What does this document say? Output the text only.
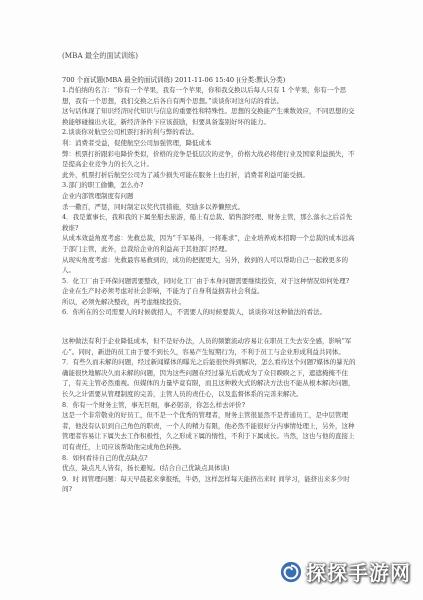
(MBA 最全的面试训练)
700 个面试题(MBA 最全的面试训练) 2011-11-06 15:40 |(分类:默认分类)

1.肖伯纳的名言：“你有一个苹果，我有一个苹果，你和我交换以后每人只有 1 个苹果，你有一个思想，我有一个思想，我们交换之后各自有两个思想。”谈谈你对这句话的看法。

这句话体现了知识经济时代知识与信息的重要性和特殊性。思想的交换能产生乘数效应，不同思想的交换能够碰撞出火花，新经济条件下应该鼓励，但要具备鉴别好坏的能力。

2.谈谈你对航空公司机票打折的利与弊的看法。

利：消费者受益，促使航空公司加强管理，降低成本

弊：机票打折跟彩电降价类似，价格的竞争是低层次的竞争，价格大战必将使行业及国家利益损失，不是提高企业竞争力的长久之计。

此外，机票打折后航空公司为了减少损失可能在服务上也打折，消费者利益可能受损。

3.部门的职工偷懒，怎么办?

企业内部管理制度有问题

杀一儆百，严惩，同时制定以奖代罚措施，奖励多以养懒照式。

4．我是董事长，我和我的下属坐船去旅游，船上有总裁、销售部经理、财务主管，那么落水之后首先救谁?

从成本效益角度考虑：先救总裁，因为“千军易得，一将难求”，企业培养成本招聘一个总裁的成本远高于部门主管，此外，总裁给企业的利益高于其他部门经理。

从现实角度考虑：先救最容易救到的，成功的把握更大，另外，救到的人可以帮助自己一起救更多的人。

5．化工厂由于环保问题需要整改，同时化工厂由于本身问题需要继续投资，对于这种情况如何处理?

企业在生产时必须考虑对社会影响，不能为了自身利益损害社会利益。

所以，必须先解决整改，再考虑继续投资。

6．你所在的公司需要人的时候就招人，不需要人的时候要裁人，谈谈你对这种做法的看法。

这种做法有利于企业降低成本，但不是好办法，人员的频繁流动容易让在职员工失去安全感，影响“军心”。同时，新进的员工由于要不到长久，容易产生短期行为，不利于员工与企业形成利益共同体。

7．有些久而未解的问题，经过新闻媒体的曝光之后能很快得到解决，怎么看待这个问题?媒体的暴光的确能很快地解决久而未解的问题，因为这些问题在经过暴光后就成为了众目睽睽之下，遮遮掩掩不住了，有关主管必然重视。但媒体的力量毕竟有限，而且这种救火式的解决方法也不能从根本解决问题，长久之计需要从管理制度的完善，主管人员的责任心，以及监督体系的完善来解决。

8．你有一个财务主管，事无巨细，事必躬亲，你怎么样去评价?

这是一个非常敬业的好员工，但不是一个优秀的管理者，财务主管很显然不是普通员工，是中层管理者，他没有认识到自己角色的职责，一个人的精力有限，他必然不能很好分内事情处理上，另外，这种管理者容易让下属失去工作积极性，久之形成下属的惰性，不利于下属成长。当然，这也与他的直接上司有责任，上司应该帮助他完成角色转换。

8．如何看待自己的优点缺点?

优点，缺点凡人皆有，扬长避短。(结合自己优缺点具体谈)

9．时 间管理问题：每天早晨起来拿报纸，牛奶，这样怎样每天能挤出来时 间学习，能挤出来多少时 间?

探探手游网
